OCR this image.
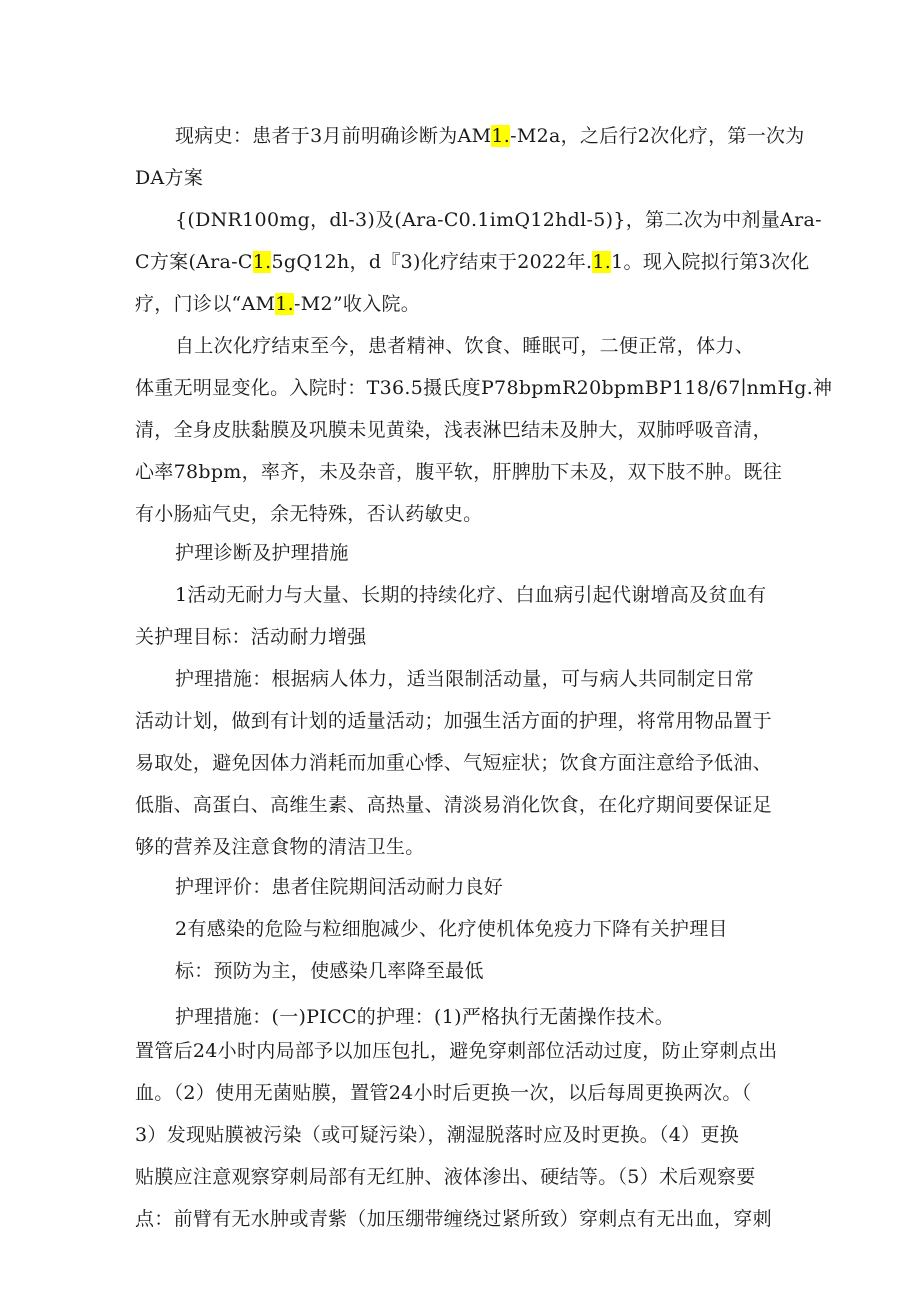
现病史：患者于3月前明确诊断为AM1.-M2a，之后行2次化疗，第一次为
DA方案
{(DNR100mg，dl-3)及(Ara-C0.1imQ12hdl-5)}，第二次为中剂量Ara-
C方案(Ara-C1.5gQ12h，d『3)化疗结束于2022年.1.1。现入院拟行第3次化
疗，门诊以“AM1.-M2”收入院。
自上次化疗结束至今，患者精神、饮食、睡眠可，二便正常，体力、
体重无明显变化。入院时：T36.5摄氏度P78bpmR20bpmBP118/67∣nmHg.神
清，全身皮肤黏膜及巩膜未见黄染，浅表淋巴结未及肿大，双肺呼吸音清，
心率78bpm，率齐，未及杂音，腹平软，肝脾肋下未及，双下肢不肿。既往
有小肠疝气史，余无特殊，否认药敏史。
护理诊断及护理措施
1活动无耐力与大量、长期的持续化疗、白血病引起代谢增高及贫血有
关护理目标：活动耐力增强
护理措施：根据病人体力，适当限制活动量，可与病人共同制定日常
活动计划，做到有计划的适量活动；加强生活方面的护理，将常用物品置于
易取处，避免因体力消耗而加重心悸、气短症状；饮食方面注意给予低油、
低脂、高蛋白、高维生素、高热量、清淡易消化饮食，在化疗期间要保证足
够的营养及注意食物的清洁卫生。
护理评价：患者住院期间活动耐力良好
2有感染的危险与粒细胞减少、化疗使机体免疫力下降有关护理目
标：预防为主，使感染几率降至最低
护理措施：(一)PICC的护理：(1)严格执行无菌操作技术。
置管后24小时内局部予以加压包扎，避免穿刺部位活动过度，防止穿刺点出
血。（2）使用无菌贴膜，置管24小时后更换一次，以后每周更换两次。（
3）发现贴膜被污染（或可疑污染），潮湿脱落时应及时更换。（4）更换
贴膜应注意观察穿刺局部有无红肿、液体渗出、硬结等。（5）术后观察要
点：前臂有无水肿或青紫（加压绷带缠绕过紧所致）穿刺点有无出血，穿刺
